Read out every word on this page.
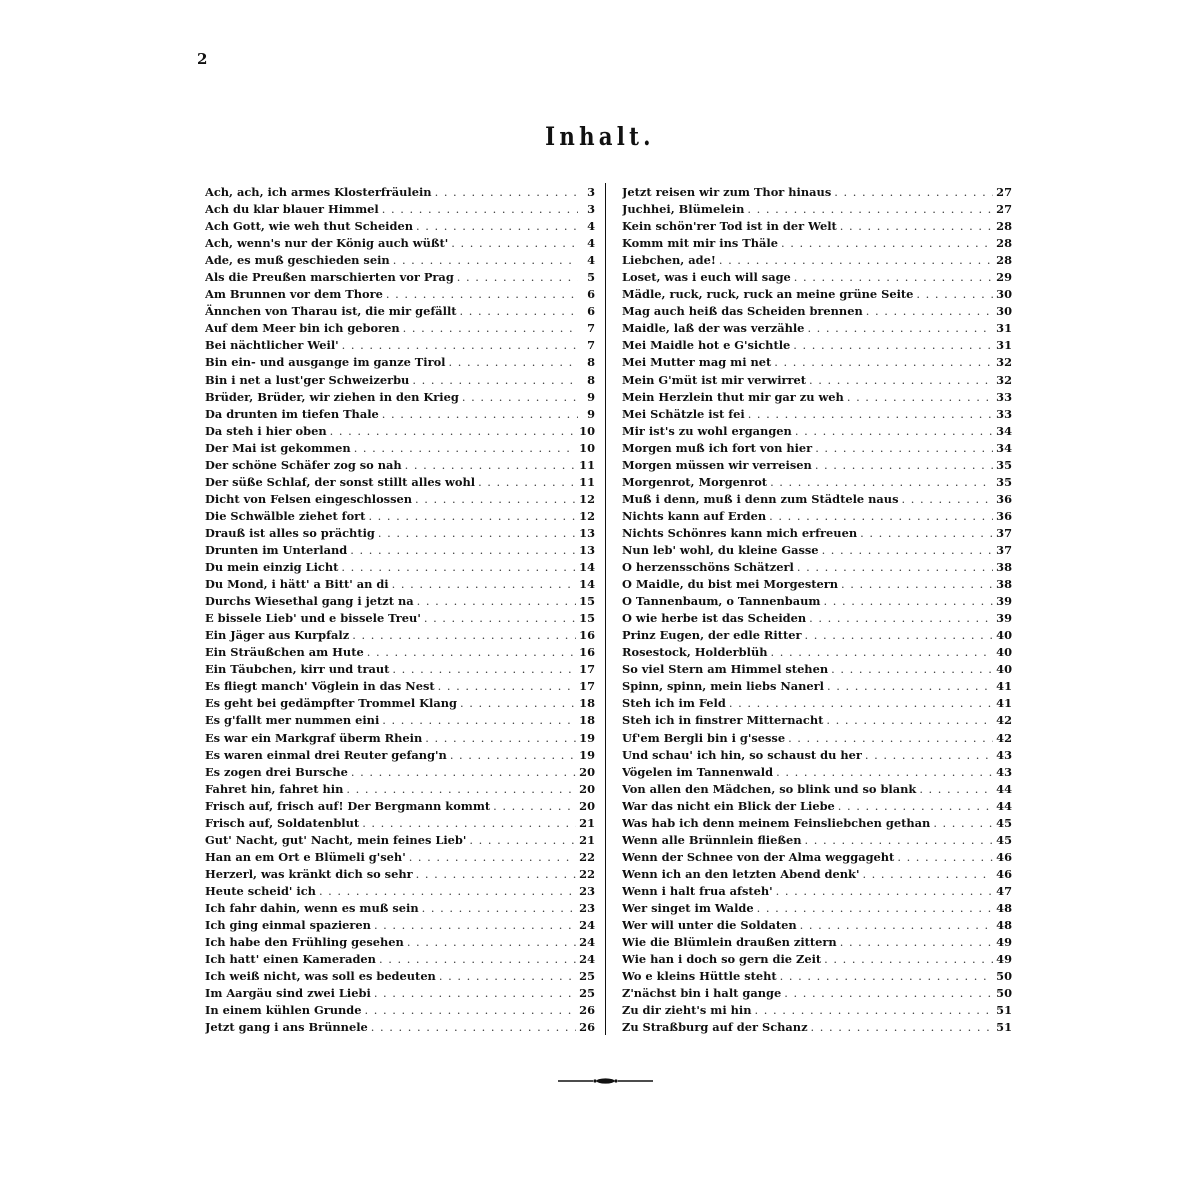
2
Inhalt.
Ach, ach, ich armes Klosterfräulein . . .	3
Ach du klar blauer Himmel . . .	3
Ach Gott, wie weh thut Scheiden . . .	4
Ach, wenn's nur der König auch wüßt' . . .	4
Ade, es muß geschieden sein . . .	4
Als die Preußen marschierten vor Prag . . .	5
Am Brunnen vor dem Thore . . .	6
Ännchen von Tharau ist, die mir gefällt . . .	6
Auf dem Meer bin ich geboren . . .	7
Bei nächtlicher Weil' . . .	7
Bin ein- und ausgange im ganze Tirol . . .	8
Bin i net a lust'ger Schweizerbu . . .	8
Brüder, Brüder, wir ziehen in den Krieg . . .	9
Da drunten im tiefen Thale . . .	9
Da steh i hier oben . . .	10
Der Mai ist gekommen . . .	10
Der schöne Schäfer zog so nah . . .	11
Der süße Schlaf, der sonst stillt alles wohl . . .	11
Dicht von Felsen eingeschlossen . . .	12
Die Schwälble ziehet fort . . .	12
Drauß ist alles so prächtig . . .	13
Drunten im Unterland . . .	13
Du mein einzig Licht . . .	14
Du Mond, i hätt' a Bitt' an di . . .	14
Durchs Wiesethal gang i jetzt na . . .	15
E bissele Lieb' und e bissele Treu' . . .	15
Ein Jäger aus Kurpfalz . . .	16
Ein Sträußchen am Hute . . .	16
Ein Täubchen, kirr und traut . . .	17
Es fliegt manch' Vöglein in das Nest . . .	17
Es geht bei gedämpfter Trommel Klang . . .	18
Es g'fallt mer nummen eini . . .	18
Es war ein Markgraf überm Rhein . . .	19
Es waren einmal drei Reuter gefang'n . . .	19
Es zogen drei Bursche . . .	20
Fahret hin, fahret hin . . .	20
Frisch auf, frisch auf! Der Bergmann kommt . . .	20
Frisch auf, Soldatenblut . . .	21
Gut' Nacht, gut' Nacht, mein feines Lieb' . . .	21
Han an em Ort e Blümeli g'seh' . . .	22
Herzerl, was kränkt dich so sehr . . .	22
Heute scheid' ich . . .	23
Ich fahr dahin, wenn es muß sein . . .	23
Ich ging einmal spazieren . . .	24
Ich habe den Frühling gesehen . . .	24
Ich hatt' einen Kameraden . . .	24
Ich weiß nicht, was soll es bedeuten . . .	25
Im Aargäu sind zwei Liebi . . .	25
In einem kühlen Grunde . . .	26
Jetzt gang i ans Brünnele . . .	26
Jetzt reisen wir zum Thor hinaus . . .	27
Juchhei, Blümelein . . .	27
Kein schön'rer Tod ist in der Welt . . .	28
Komm mit mir ins Thäle . . .	28
Liebchen, ade! . . .	28
Loset, was i euch will sage . . .	29
Mädle, ruck, ruck, ruck an meine grüne Seite . . .	30
Mag auch heiß das Scheiden brennen . . .	30
Maidle, laß der was verzähle . . .	31
Mei Maidle hot e G'sichtle . . .	31
Mei Mutter mag mi net . . .	32
Mein G'müt ist mir verwirret . . .	32
Mein Herzlein thut mir gar zu weh . . .	33
Mei Schätzle ist fei . . .	33
Mir ist's zu wohl ergangen . . .	34
Morgen muß ich fort von hier . . .	34
Morgen müssen wir verreisen . . .	35
Morgenrot, Morgenrot . . .	35
Muß i denn, muß i denn zum Städtele naus . . .	36
Nichts kann auf Erden . . .	36
Nichts Schönres kann mich erfreuen . . .	37
Nun leb' wohl, du kleine Gasse . . .	37
O herzensschöns Schätzerl . . .	38
O Maidle, du bist mei Morgestern . . .	38
O Tannenbaum, o Tannenbaum . . .	39
O wie herbe ist das Scheiden . . .	39
Prinz Eugen, der edle Ritter . . .	40
Rosestock, Holderblüh . . .	40
So viel Stern am Himmel stehen . . .	40
Spinn, spinn, mein liebs Nanerl . . .	41
Steh ich im Feld . . .	41
Steh ich in finstrer Mitternacht . . .	42
Uf'em Bergli bin i g'sesse . . .	42
Und schau' ich hin, so schaust du her . . .	43
Vögelen im Tannenwald . . .	43
Von allen den Mädchen, so blink und so blank . . .	44
War das nicht ein Blick der Liebe . . .	44
Was hab ich denn meinem Feinsliebchen gethan . . .	45
Wenn alle Brünnlein fließen . . .	45
Wenn der Schnee von der Alma weggageht . . .	46
Wenn ich an den letzten Abend denk' . . .	46
Wenn i halt frua afsteh' . . .	47
Wer singet im Walde . . .	48
Wer will unter die Soldaten . . .	48
Wie die Blümlein draußen zittern . . .	49
Wie han i doch so gern die Zeit . . .	49
Wo e kleins Hüttle steht . . .	50
Z'nächst bin i halt gange . . .	50
Zu dir zieht's mi hin . . .	51
Zu Straßburg auf der Schanz . . .	51
